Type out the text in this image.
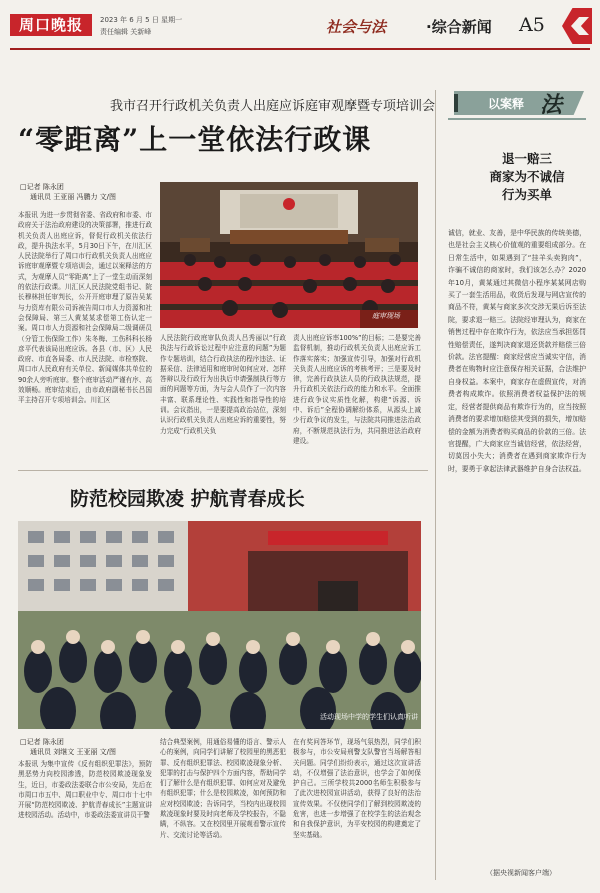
周口晚报	2023 年 6 月 5 日 星期一
责任编辑 关新峰	社会与法	·综合新闻 A5
我市召开行政机关负责人出庭应诉庭审观摩暨专项培训会
“零距离”上一堂依法行政课
□记者 陈永团
通讯员 王亚丽 冯鹏力 文/图
本报讯 为进一步贯彻省委、省政府和市委、市政府关于法治政府建设的决策部署，推进行政机关负责人出庭应诉，督促行政机关依法行政，提升执法水平，5月30日下午，在川汇区人民法院举行了周口市行政机关负责人出庭应诉庭审观摩暨专项培训会，通过以案释法的方式，为观摩人员“零距离”上了一堂生动而深刻的依法行政课。川汇区人民法院党组书记、院长穆林担任审判长，公开开庭审理了原告吴某与力资库有限公司诉被告周口市人力资源和社会保障局、第三人黄某某求偿第工伤认定一案。周口市人力资源和社会保障局二级调研员（分管工伤保险工作）朱冬梅、工伤科科长杨彦平代表该局出庭应诉。各县（市、区）人民政府、市直各局委、市人民法院、市检察院、周口市人民政府有关单位、新闻媒体共单位的90余人旁听庭审。整个庭审活动严谨有序、高效顺畅。庭审结束后，由市政府副秘书长吕国平主持召开专项培训会。川汇区
庭审现场
人民法院行政庭审队负责人吕秀丽以“行政执法与行政诉讼过程中应注意的问题”为题作专题培训，结合行政执法的程序违法、证据采信、法律适用和庭审时如何应对、怎样答辩以及行政行为出执后申请强制执行等方面的问题等方面，为与会人员作了一次内容丰富、联系理论性、实践性和指导性的培训。会议指出，一是要提高政治站位，深刻认识行政机关负责人出庭应诉的重要性，努力完成“行政机关负
责人出庭应诉率100%”的目标；二是要完善监督机制，推动行政机关负责人出庭应诉工作落实落实；加强宣传引导，加强对行政机关负责人出庭应诉的考核考评；三是要及时律，完善行政执法人员的行政执法规范，提升行政机关依法行政的能力和水平。全面推进行政争议实质性化解，构建“诉源、诉中、诉后”全程协调解纷体系，从源头上减少行政争议的发生，与法院共同推进法治政府，不断规范执法行为，共同推进法治政府建设。
防范校园欺凌 护航青春成长
活动现场中学的学生们认真听讲
□记者 陈永团
通讯员 刘继文 王亚丽 文/图
本报讯 为集中宣传《反有组织犯罪法》，预防黑恶势力向校园渗透，防范校园欺凌现象发生，近日，市委政法委联合市公安局，先后在市周口市五中、周口职业中专、周口市十七中开展“防范校园欺凌、护航青春成长”主题宣讲进校园活动。活动中，市委政法委宣讲员干警
结合典型案例，用通俗易懂的语言、警示人心的案例，向同学们讲解了校园里的黑恶犯罪、反有组织犯罪法、校园欺凌现象分析、犯罪的打击与保护四个方面内容，帮助同学们了解什么是有组织犯罪、如何应对及避免有组织犯罪；什么是校园欺凌，如何预防和应对校园欺凌；告诉同学，当校内出现校园欺凌现象时要及时向老师及学校报告，不隐瞒，不纵容。又在校园里开展观看警示宣传片、交流讨论等活动。
在有奖问答环节，现场气氛热烈，同学们积极参与，市公安局刑警支队警官当场解答相关问题。同学们纷纷表示，通过这次宣讲活动，不仅增强了法治意识，也学会了如何保护自己。三所学校共2000名师生积极参与了此次进校园宣讲活动，获得了良好的法治宣传效果。不仅使同学们了解到校园欺凌的危害，也进一步增强了在校学生的法治观念和自我保护意识，为平安校园的构建奠定了坚实基础。
以案释 法
退一赔三
商家为不诚信
行为买单
诚信，就业、友善，是中华民族的传统美德，也是社会主义核心价值观的重要组成部分。在日常生活中，如果遇到了“挂羊头卖狗肉”，诈骗不诚信的商家时，我们该怎么办？2020年10月，黄某通过其微信小程序某某网店购买了一套生活用品，收货后发现与网店宣传的商品不符，黄某与商家多次交涉无果后诉至法院，要求退一赔三。法院经审理认为，商家在销售过程中存在欺诈行为，依法应当承担惩罚性赔偿责任，遂判决商家退还货款并赔偿三倍价款。法官提醒：商家经营应当诚实守信，消费者在购物时应注意保存相关证据，合法维护自身权益。本案中，商家存在虚假宣传，对消费者构成欺诈。依照消费者权益保护法的规定，经营者提供商品有欺诈行为的，应当按照消费者的要求增加赔偿其受到的损失，增加赔偿的金额为消费者购买商品的价款的三倍。法官提醒，广大商家应当诚信经营，依法经营，切莫因小失大；消费者在遇到商家欺诈行为时，要勇于拿起法律武器维护自身合法权益。
（据央视新闻客户端）
